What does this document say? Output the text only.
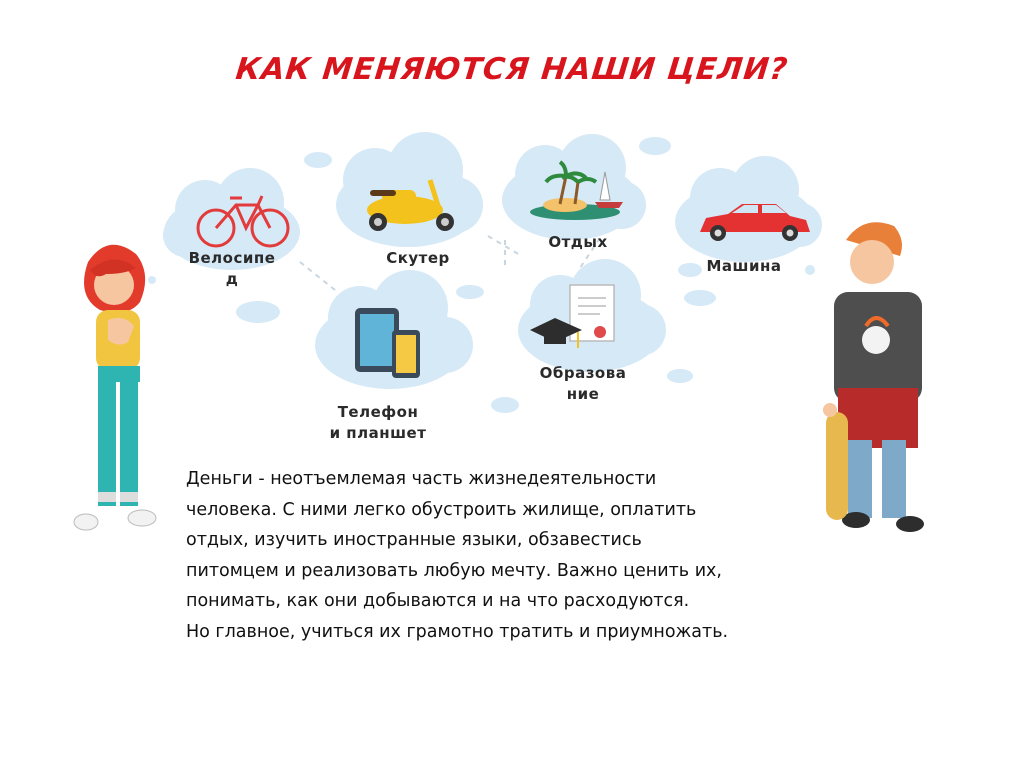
КАК МЕНЯЮТСЯ НАШИ ЦЕЛИ?
Велосипе
д
Скутер
Отдых
Машина
Телефон
и планшет
Образова
ние
Деньги - неотъемлемая часть жизнедеятельности
человека. С ними легко обустроить жилище, оплатить
отдых, изучить иностранные языки, обзавестись
питомцем и реализовать любую мечту. Важно ценить их,
понимать, как они добываются и на что расходуются.
Но главное, учиться их грамотно тратить и приумножать.
